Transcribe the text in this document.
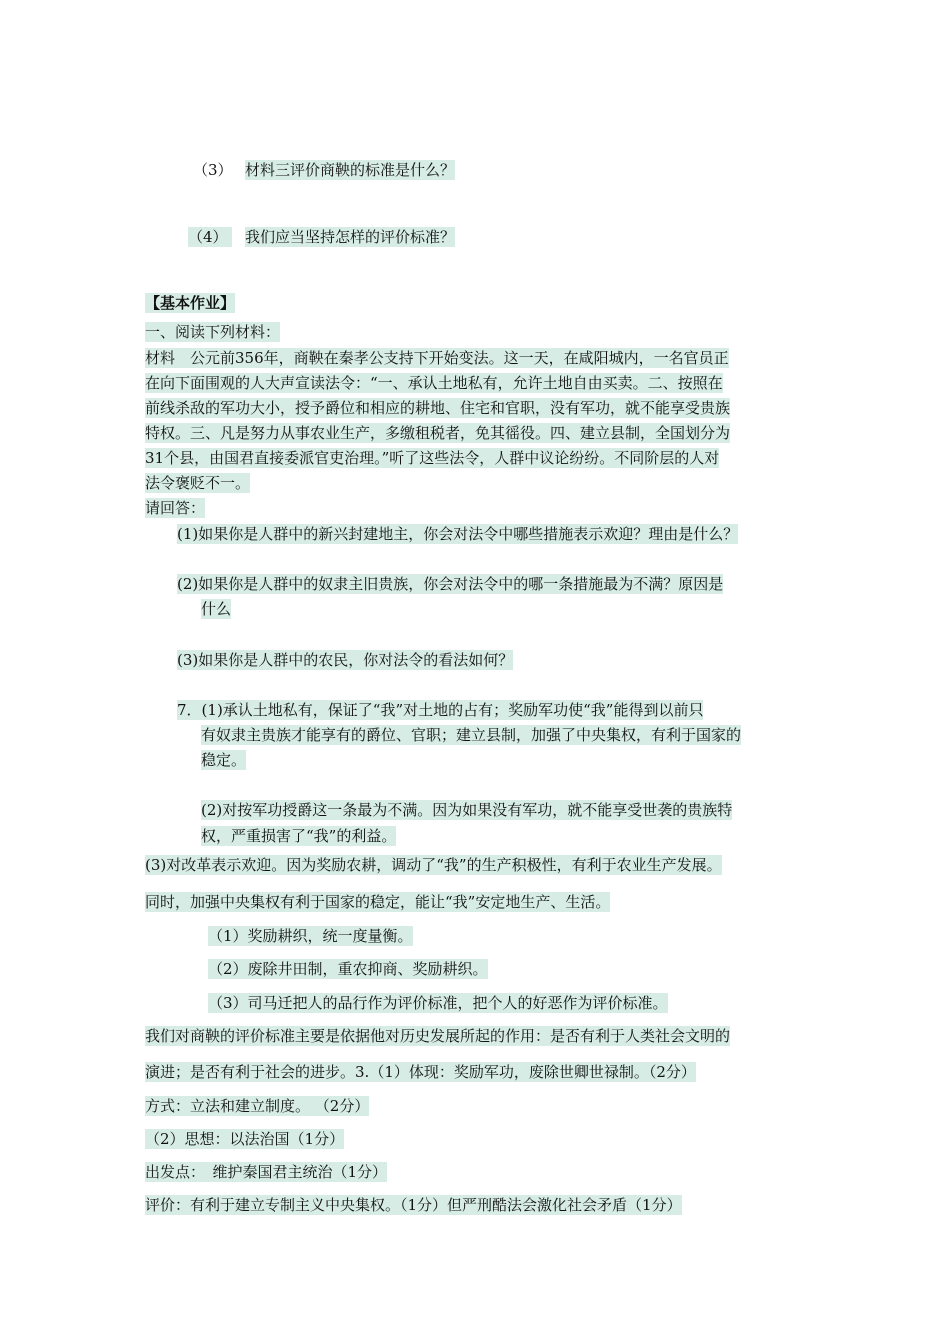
（3） 材料三评价商鞅的标准是什么？
（4） 我们应当坚持怎样的评价标准？
【基本作业】
一、阅读下列材料：
材料　公元前356年，商鞅在秦孝公支持下开始变法。这一天，在咸阳城内，一名官员正
在向下面围观的人大声宣读法令：“一、承认土地私有，允许土地自由买卖。二、按照在
前线杀敌的军功大小，授予爵位和相应的耕地、住宅和官职，没有军功，就不能享受贵族
特权。三、凡是努力从事农业生产，多缴租税者，免其徭役。四、建立县制，全国划分为
31个县，由国君直接委派官吏治理。”听了这些法令，人群中议论纷纷。不同阶层的人对
法令褒贬不一。
请回答：
(1)如果你是人群中的新兴封建地主，你会对法令中哪些措施表示欢迎？理由是什么？
(2)如果你是人群中的奴隶主旧贵族，你会对法令中的哪一条措施最为不满？原因是
什么
(3)如果你是人群中的农民，你对法令的看法如何？
7．(1)承认土地私有，保证了“我”对土地的占有；奖励军功使“我”能得到以前只
有奴隶主贵族才能享有的爵位、官职；建立县制，加强了中央集权，有利于国家的
稳定。
(2)对按军功授爵这一条最为不满。因为如果没有军功，就不能享受世袭的贵族特
权，严重损害了“我”的利益。
(3)对改革表示欢迎。因为奖励农耕，调动了“我”的生产积极性，有利于农业生产发展。
同时，加强中央集权有利于国家的稳定，能让“我”安定地生产、生活。
（1）奖励耕织，统一度量衡。
（2）废除井田制，重农抑商、奖励耕织。
（3）司马迁把人的品行作为评价标准，把个人的好恶作为评价标准。
我们对商鞅的评价标准主要是依据他对历史发展所起的作用：是否有利于人类社会文明的
演进；是否有利于社会的进步。3.（1）体现：奖励军功，废除世卿世禄制。（2分）
方式：立法和建立制度。 （2分）
（2）思想：以法治国（1分）
出发点：　维护秦国君主统治（1分）
评价：有利于建立专制主义中央集权。（1分）但严刑酷法会激化社会矛盾（1分）
